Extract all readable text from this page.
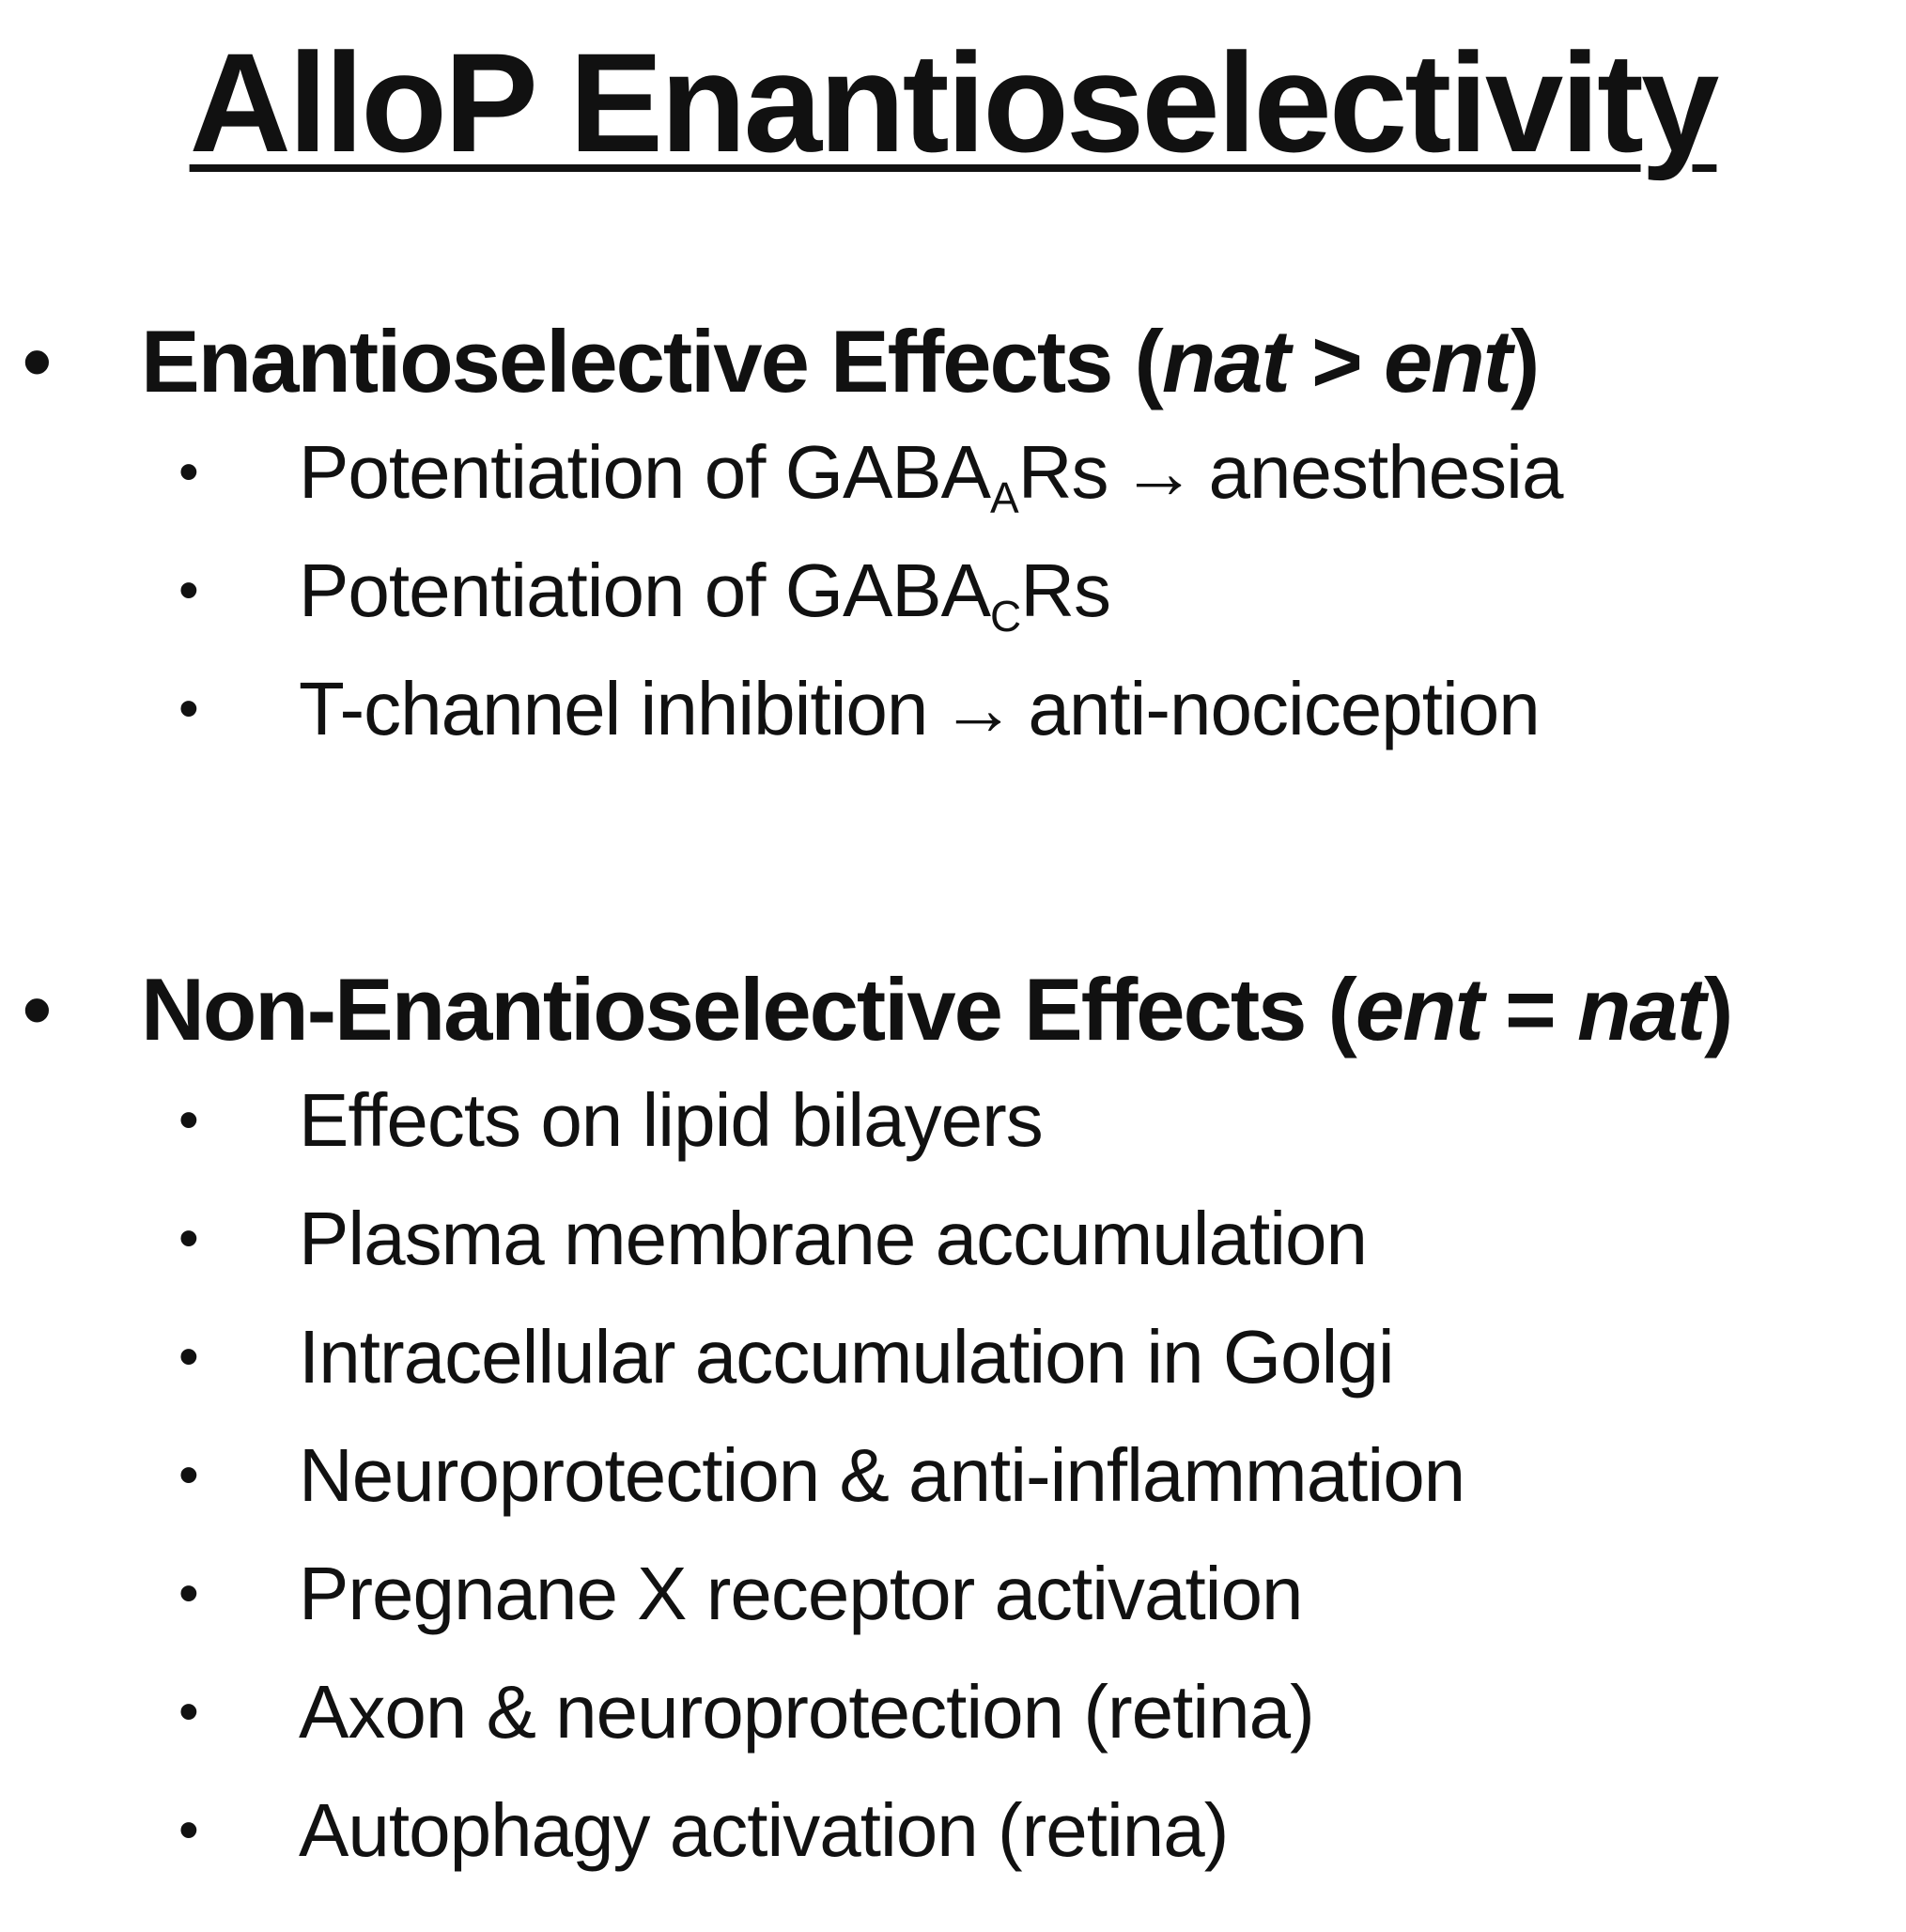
AlloP Enantioselectivity
• Enantioselective Effects (nat > ent)
• Potentiation of $GABA_ARs$ → anesthesia
• Potentiation of $GABA_CRs$
• T-channel inhibition → anti-nociception
• Non-Enantioselective Effects (ent = nat)
• Effects on lipid bilayers
• Plasma membrane accumulation
• Intracellular accumulation in Golgi
• Neuroprotection & anti-inflammation
• Pregnane X receptor activation
• Axon & neuroprotection (retina)
• Autophagy activation (retina)
